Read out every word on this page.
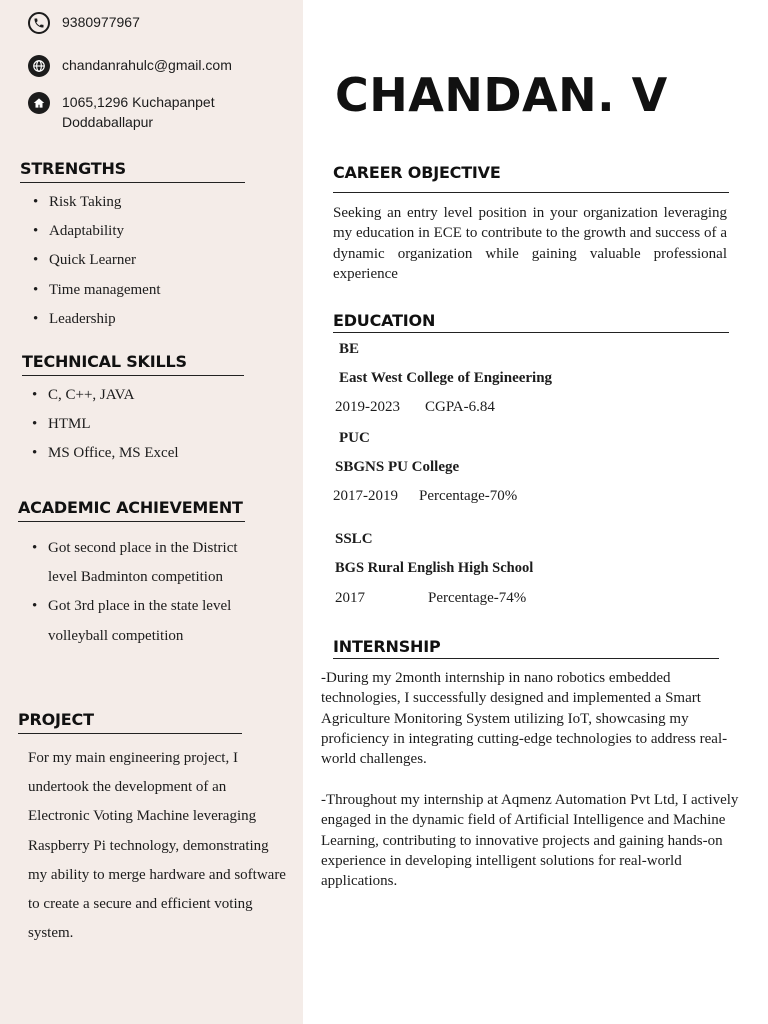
9380977967
chandanrahulc@gmail.com
1065,1296 Kuchapanpet
Doddaballapur
STRENGTHS
• Risk Taking
• Adaptability
• Quick Learner
• Time management
• Leadership
TECHNICAL SKILLS
• C, C++, JAVA
• HTML
• MS Office, MS Excel
ACADEMIC ACHIEVEMENT
• Got second place in the District level Badminton competition
• Got 3rd place in the state level volleyball competition
PROJECT

For my main engineering project, I undertook the development of an Electronic Voting Machine leveraging Raspberry Pi technology, demonstrating my ability to merge hardware and software to create a secure and efficient voting system.

CHANDAN. V
CAREER OBJECTIVE

Seeking an entry level position in your organization leveraging my education in ECE to contribute to the growth and success of a dynamic organization while gaining valuable professional experience

EDUCATION

BE

East West College of Engineering

2019-2023 CGPA-6.84

PUC

SBGNS PU College

2017-2019 Percentage-70%

SSLC

BGS Rural English High School

2017	Percentage-74%

INTERNSHIP

-During my 2month internship in nano robotics embedded technologies, I successfully designed and implemented a Smart Agriculture Monitoring System utilizing IoT, showcasing my proficiency in integrating cutting-edge technologies to address real-world challenges.

-Throughout my internship at Aqmenz Automation Pvt Ltd, I actively engaged in the dynamic field of Artificial Intelligence and Machine Learning, contributing to innovative projects and gaining hands-on experience in developing intelligent solutions for real-world applications.
